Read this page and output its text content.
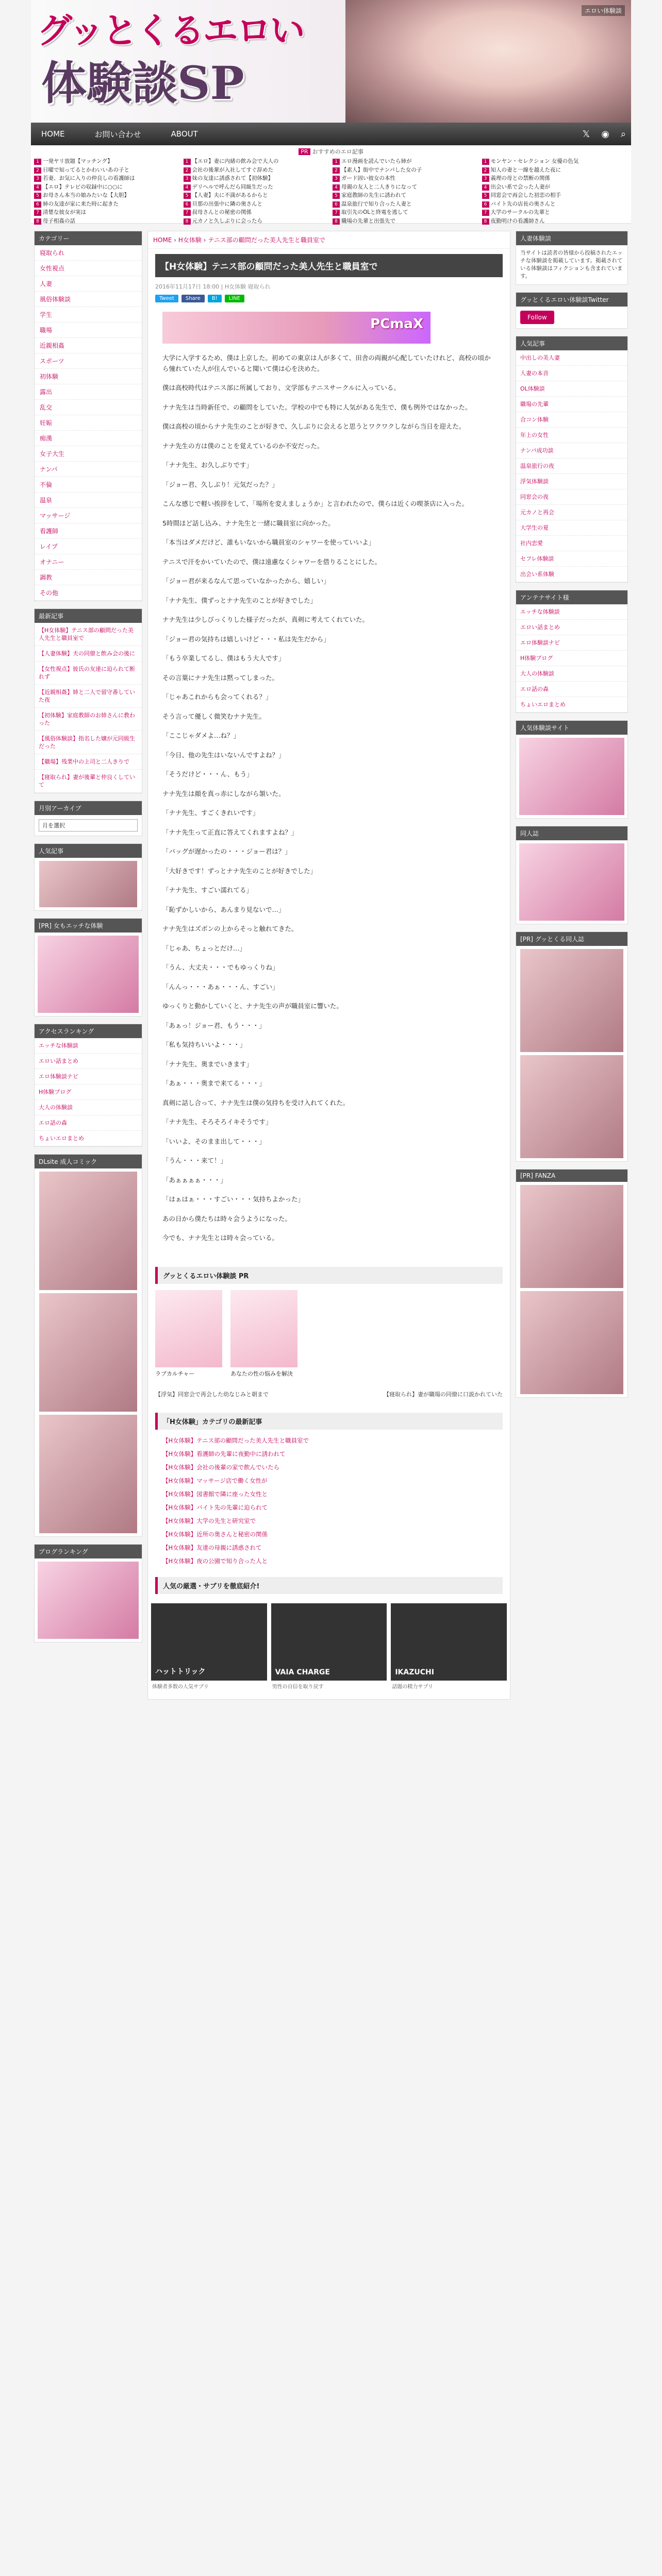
グッとくるエロい
体験談SP
エロい体験談
HOME	お問い合わせ	ABOUT	𝕏 ◉ ⌕
PR おすすめのエロ記事
1 一発ヤリ放題【マッチング】
2 日曜で知ってるとかわいいあの子と
3 若妻、お気に入りの仲良しの看護師は
4 【エロ】テレビの収録中に○○に
5 お母さん本当の娘みたいな【大胆】
6 姉の友達が家に来た時に起きた
7 清楚な彼女が実は
8 母子相姦の話
1 【エロ】妻に内緒の飲み会で大人の
2 会社の後輩が入社してすぐ辞めた
3 妹の友達に誘惑されて【初体験】
4 デリヘルで呼んだら同級生だった
5 【人妻】夫に不満があるからと
6 旦那の出張中に隣の奥さんと
7 叔母さんとの秘密の関係
8 元カノと久しぶりに会ったら
1 エロ漫画を読んでいたら姉が
2 【素人】街中でナンパした女の子
3 ガード固い彼女の本性
4 母親の友人と二人きりになって
5 家庭教師の先生に誘われて
6 温泉旅行で知り合った人妻と
7 取引先のOLと終電を逃して
8 職場の先輩と出張先で
1 モンヤン・セレクション 女優の色気
2 知人の妻と一線を越えた夜に
3 義理の母との禁断の関係
4 出会い系で会った人妻が
5 同窓会で再会した初恋の相手
6 バイト先の店長の奥さんと
7 大学のサークルの先輩と
8 夜勤明けの看護師さん
カテゴリー
寝取られ
女性視点
人妻
風俗体験談
学生
職場
近親相姦
スポーツ
初体験
露出
乱交
妊娠
痴漢
女子大生
ナンパ
不倫
温泉
マッサージ
看護師
レイプ
オナニー
調教
その他
最新記事
【H女体験】テニス部の顧問だった美人先生と職員室で
【人妻体験】夫の同僚と飲み会の後に
【女性視点】彼氏の友達に迫られて断れず
【近親相姦】姉と二人で留守番していた夜
【初体験】家庭教師のお姉さんに教わった
【風俗体験談】指名した嬢が元同級生だった
【職場】残業中の上司と二人きりで
【寝取られ】妻が後輩と仲良くしていて
月別アーカイブ
月を選択
人気記事
[PR] 女もエッチな体験
アクセスランキング
エッチな体験談
エロい話まとめ
エロ体験談ナビ
H体験ブログ
大人の体験談
エロ話の森
ちょいエロまとめ
DLsite 成人コミック
プログランキング
HOME › H女体験 › テニス部の顧問だった美人先生と職員室で
【H女体験】テニス部の顧問だった美人先生と職員室で
2016年11月17日 18:00 | H女体験 寝取られ
Tweet	Share	B!	LINE
PCmaX

大学に入学するため、僕は上京した。初めての東京は人が多くて、田舎の両親が心配していたけれど、高校の頃から憧れていた人が住んでいると聞いて僕は心を決めた。

僕は高校時代はテニス部に所属しており、文学部もテニスサークルに入っている。

ナナ先生は当時新任で、の顧問をしていた。学校の中でも特に人気がある先生で、僕も例外ではなかった。

僕は高校の頃からナナ先生のことが好きで、久しぶりに会えると思うとワクワクしながら当日を迎えた。

ナナ先生の方は僕のことを覚えているのか不安だった。

「ナナ先生、お久しぶりです」

「ジョー君、久しぶり！元気だった？」

こんな感じで軽い挨拶をして、「場所を変えましょうか」と言われたので、僕らは近くの喫茶店に入った。

5時間ほど話し込み、ナナ先生と一緒に職員室に向かった。

「本当はダメだけど、誰もいないから職員室のシャワーを使っていいよ」

テニスで汗をかいていたので、僕は遠慮なくシャワーを借りることにした。

「ジョー君が来るなんて思っていなかったから、嬉しい」

「ナナ先生、僕ずっとナナ先生のことが好きでした」

ナナ先生は少しびっくりした様子だったが、真剣に考えてくれていた。

「ジョー君の気持ちは嬉しいけど・・・私は先生だから」

「もう卒業してるし、僕はもう大人です」

その言葉にナナ先生は黙ってしまった。

「じゃあこれからも会ってくれる？」

そう言って優しく微笑むナナ先生。

「ここじゃダメよ…ね？」

「今日、他の先生はいないんですよね？」

「そうだけど・・・ん、もう」

ナナ先生は顔を真っ赤にしながら頷いた。

「ナナ先生、すごくきれいです」

「ナナ先生って正直に答えてくれますよね？」

「バッグが遅かったの・・・ジョー君は？」

「大好きです！ずっとナナ先生のことが好きでした」

「ナナ先生、すごい濡れてる」

「恥ずかしいから、あんまり見ないで…」

ナナ先生はズボンの上からそっと触れてきた。

「じゃあ、ちょっとだけ…」

「うん、大丈夫・・・でもゆっくりね」

「んんっ・・・あぁ・・・ん、すごい」

ゆっくりと動かしていくと、ナナ先生の声が職員室に響いた。

「あぁっ！ジョー君、もう・・・」

「私も気持ちいいよ・・・」

「ナナ先生、奥までいきます」

「あぁ・・・奥まで来てる・・・」

真剣に話し合って、ナナ先生は僕の気持ちを受け入れてくれた。

「ナナ先生、そろそろイキそうです」

「いいよ、そのまま出して・・・」

「うん・・・来て！」

「あぁぁぁぁ・・・」

「はぁはぁ・・・すごい・・・気持ちよかった」

あの日から僕たちは時々会うようになった。

今でも、ナナ先生とは時々会っている。

グッとくるエロい体験談 PR
ラブカルチャー	あなたの性の悩みを解決
【浮気】同窓会で再会した幼なじみと朝まで	【寝取られ】妻が職場の同僚に口説かれていた
「H女体験」カテゴリの最新記事
【H女体験】テニス部の顧問だった美人先生と職員室で
【H女体験】看護師の先輩に夜勤中に誘われて
【H女体験】会社の後輩の家で飲んでいたら
【H女体験】マッサージ店で働く女性が
【H女体験】図書館で隣に座った女性と
【H女体験】バイト先の先輩に迫られて
【H女体験】大学の先生と研究室で
【H女体験】近所の奥さんと秘密の関係
【H女体験】友達の母親に誘惑されて
【H女体験】夜の公園で知り合った人と
人気の厳選・サブリを徹底紹介!
ハットトリック
体験者多数の人気サプリ
VAIA CHARGE
男性の自信を取り戻す
IKAZUCHI
話題の精力サプリ
人妻体験談
当サイトは読者の皆様から投稿されたエッチな体験談を掲載しています。掲載されている体験談はフィクションも含まれています。
グッとくるエロい体験談Twitter
Follow
人気記事
中出しの美人妻
人妻の本音
OL体験談
職場の先輩
合コン体験
年上の女性
ナンパ成功談
温泉旅行の夜
浮気体験談
同窓会の夜
元カノと再会
大学生の夏
社内恋愛
セフレ体験談
出会い系体験
アンテナサイト様
エッチな体験談
エロい話まとめ
エロ体験談ナビ
H体験ブログ
大人の体験談
エロ話の森
ちょいエロまとめ
人気体験談サイト
同人誌
[PR] グッとくる同人誌
[PR] FANZA
